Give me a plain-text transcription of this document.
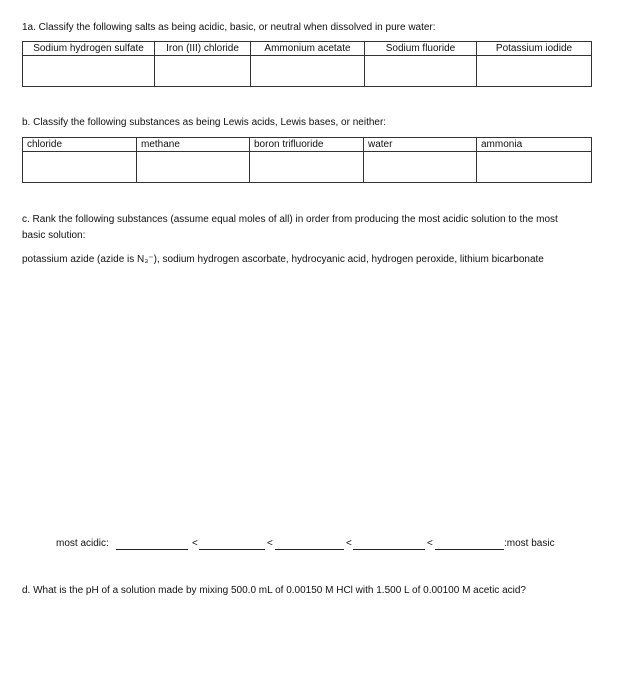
1a. Classify the following salts as being acidic, basic, or neutral when dissolved in pure water:
Sodium hydrogen sulfate	Iron (III) chloride	Ammonium acetate	Sodium fluoride	Potassium iodide

b. Classify the following substances as being Lewis acids, Lewis bases, or neither:
chloride	methane	boron trifluoride	water	ammonia

c. Rank the following substances (assume equal moles of all) in order from producing the most acidic solution to the most basic solution:
potassium azide (azide is N₃⁻), sodium hydrogen ascorbate, hydrocyanic acid, hydrogen peroxide, lithium bicarbonate
most acidic:	<	<	<	<	:most basic
d. What is the pH of a solution made by mixing 500.0 mL of 0.00150 M HCl with 1.500 L of 0.00100 M acetic acid?
